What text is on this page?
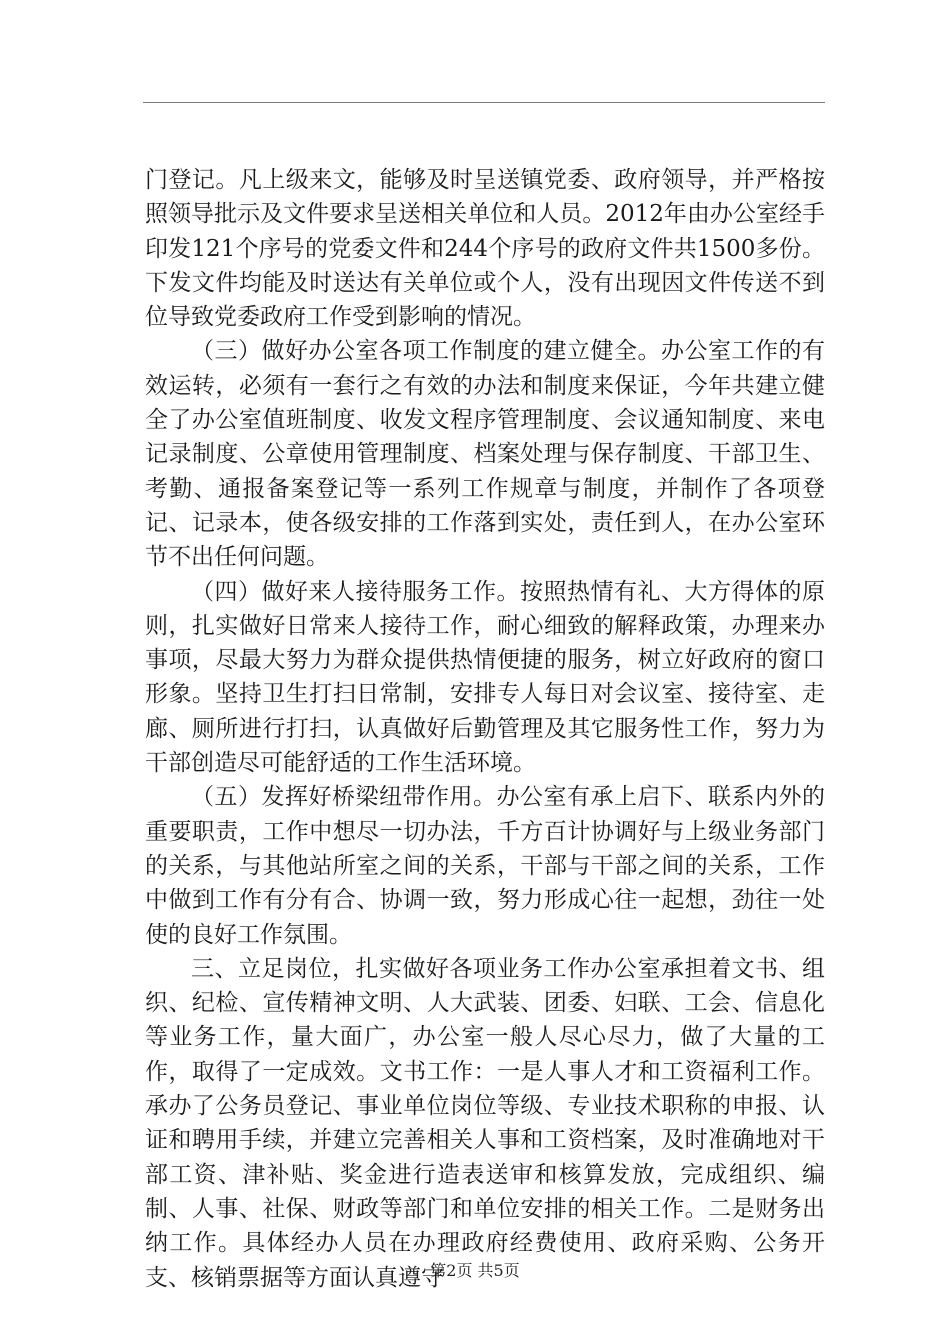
门登记。凡上级来文，能够及时呈送镇党委、政府领导，并严格按照领导批示及文件要求呈送相关单位和人员。2012年由办公室经手印发121个序号的党委文件和244个序号的政府文件共1500多份。下发文件均能及时送达有关单位或个人，没有出现因文件传送不到位导致党委政府工作受到影响的情况。

（三）做好办公室各项工作制度的建立健全。办公室工作的有效运转，必须有一套行之有效的办法和制度来保证，今年共建立健全了办公室值班制度、收发文程序管理制度、会议通知制度、来电记录制度、公章使用管理制度、档案处理与保存制度、干部卫生、考勤、通报备案登记等一系列工作规章与制度，并制作了各项登记、记录本，使各级安排的工作落到实处，责任到人，在办公室环节不出任何问题。

（四）做好来人接待服务工作。按照热情有礼、大方得体的原则，扎实做好日常来人接待工作，耐心细致的解释政策，办理来办事项，尽最大努力为群众提供热情便捷的服务，树立好政府的窗口形象。坚持卫生打扫日常制，安排专人每日对会议室、接待室、走廊、厕所进行打扫，认真做好后勤管理及其它服务性工作，努力为干部创造尽可能舒适的工作生活环境。

（五）发挥好桥梁纽带作用。办公室有承上启下、联系内外的重要职责，工作中想尽一切办法，千方百计协调好与上级业务部门的关系，与其他站所室之间的关系，干部与干部之间的关系，工作中做到工作有分有合、协调一致，努力形成心往一起想，劲往一处使的良好工作氛围。

三、立足岗位，扎实做好各项业务工作办公室承担着文书、组织、纪检、宣传精神文明、人大武装、团委、妇联、工会、信息化等业务工作，量大面广，办公室一般人尽心尽力，做了大量的工作，取得了一定成效。文书工作：一是人事人才和工资福利工作。承办了公务员登记、事业单位岗位等级、专业技术职称的申报、认证和聘用手续，并建立完善相关人事和工资档案，及时准确地对干部工资、津补贴、奖金进行造表送审和核算发放，完成组织、编制、人事、社保、财政等部门和单位安排的相关工作。二是财务出纳工作。具体经办人员在办理政府经费使用、政府采购、公务开支、核销票据等方面认真遵守

第2页 共5页
